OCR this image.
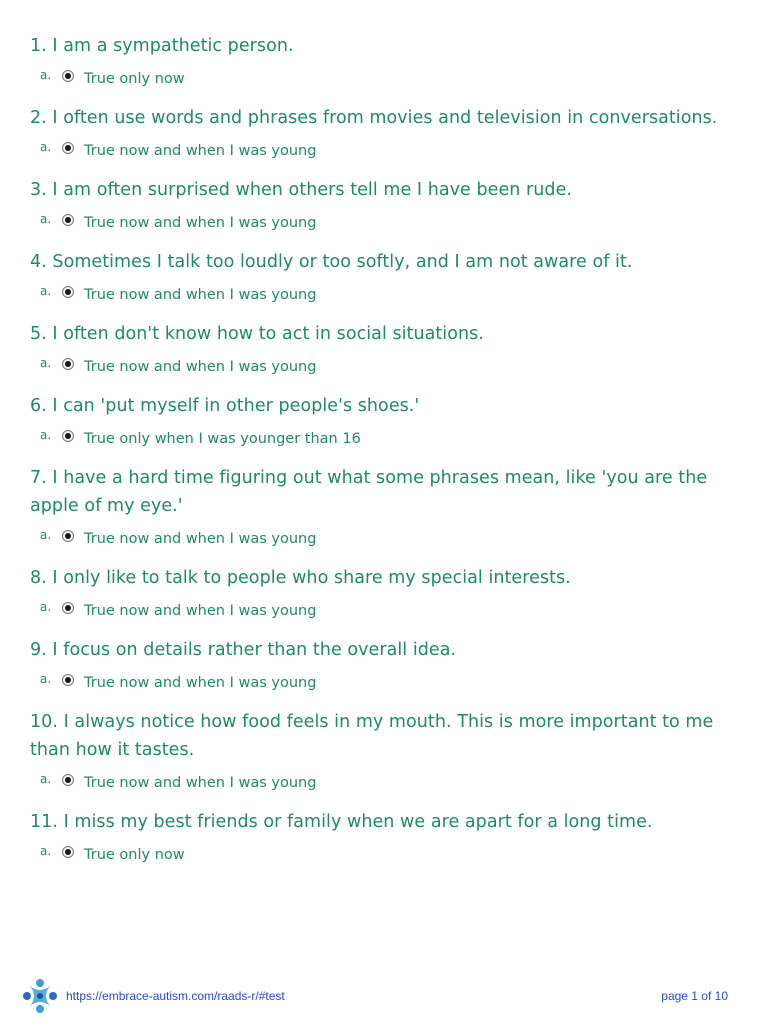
1. I am a sympathetic person.

a.	True only now

2. I often use words and phrases from movies and television in conversations.

a.	True now and when I was young

3. I am often surprised when others tell me I have been rude.

a.	True now and when I was young

4. Sometimes I talk too loudly or too softly, and I am not aware of it.

a.	True now and when I was young

5. I often don't know how to act in social situations.

a.	True now and when I was young

6. I can 'put myself in other people's shoes.'

a.	True only when I was younger than 16

7. I have a hard time figuring out what some phrases mean, like 'you are the apple of my eye.'

a.	True now and when I was young

8. I only like to talk to people who share my special interests.

a.	True now and when I was young

9. I focus on details rather than the overall idea.

a.	True now and when I was young

10. I always notice how food feels in my mouth. This is more important to me than how it tastes.

a.	True now and when I was young

11. I miss my best friends or family when we are apart for a long time.

a.	True only now
https://embrace-autism.com/raads-r/#test	page 1 of 10
